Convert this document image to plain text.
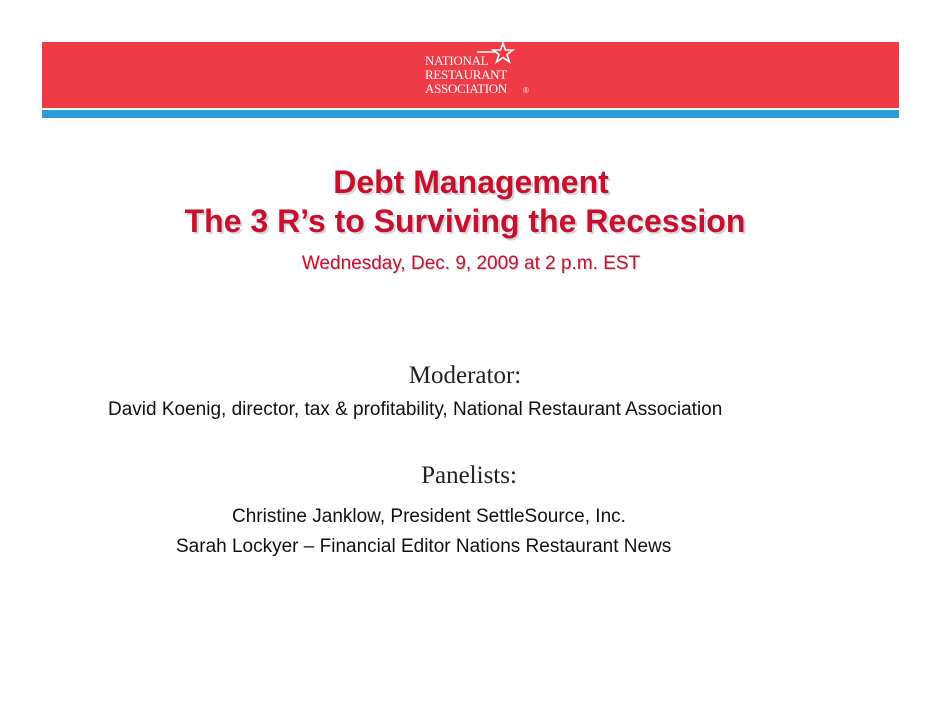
NATIONAL
RESTAURANT
ASSOCIATION ®
Debt Management
The 3 R’s to Surviving the Recession
Wednesday, Dec. 9, 2009 at 2 p.m. EST
Moderator:
David Koenig, director, tax & profitability, National Restaurant Association
Panelists:
Christine Janklow, President SettleSource, Inc.
Sarah Lockyer – Financial Editor Nations Restaurant News
